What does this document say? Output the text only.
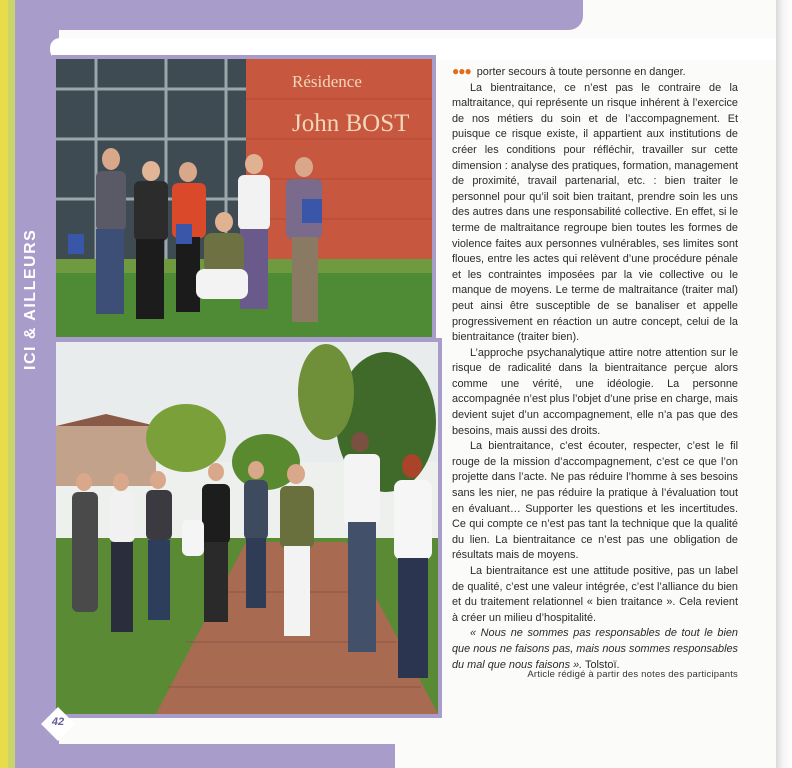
ICI & AILLEURS
Résidence
John BOST
42

●●● porter secours à toute personne en danger.

La bientraitance, ce n’est pas le contraire de la maltraitance, qui représente un risque inhérent à l’exercice de nos métiers du soin et de l’accompagnement. Et puisque ce risque existe, il appartient aux institutions de créer les conditions pour réfléchir, travailler sur cette dimension : analyse des pratiques, formation, management de proximité, travail partenarial, etc. : bien traiter le personnel pour qu’il soit bien traitant, prendre soin les uns des autres dans une responsabilité collective. En effet, si le terme de maltraitance regroupe bien toutes les formes de violence faites aux personnes vulnérables, ses limites sont floues, entre les actes qui relèvent d’une procédure pénale et les contraintes imposées par la vie collective ou le manque de moyens. Le terme de maltraitance (traiter mal) peut ainsi être susceptible de se banaliser et appelle progressivement en réaction un autre concept, celui de la bientraitance (traiter bien).

L’approche psychanalytique attire notre attention sur le risque de radicalité dans la bientraitance perçue alors comme une vérité, une idéologie. La personne accompagnée n’est plus l’objet d’une prise en charge, mais devient sujet d’un accompagnement, elle n’a pas que des besoins, mais aussi des droits.

La bientraitance, c’est écouter, respecter, c’est le fil rouge de la mission d’accompagnement, c’est ce que l’on projette dans l’acte. Ne pas réduire l’homme à ses besoins sans les nier, ne pas réduire la pratique à l’évaluation tout en évaluant… Supporter les questions et les incertitudes. Ce qui compte ce n’est pas tant la technique que la qualité du lien. La bientraitance ce n’est pas une obligation de résultats mais de moyens.

La bientraitance est une attitude positive, pas un label de qualité, c’est une valeur intégrée, c’est l’alliance du bien et du traitement relationnel « bien traitance ». Cela revient à créer un milieu d’hospitalité.

« Nous ne sommes pas responsables de tout le bien que nous ne faisons pas, mais nous sommes responsables du mal que nous faisons ». Tolstoï.

Article rédigé à partir des notes des participants
